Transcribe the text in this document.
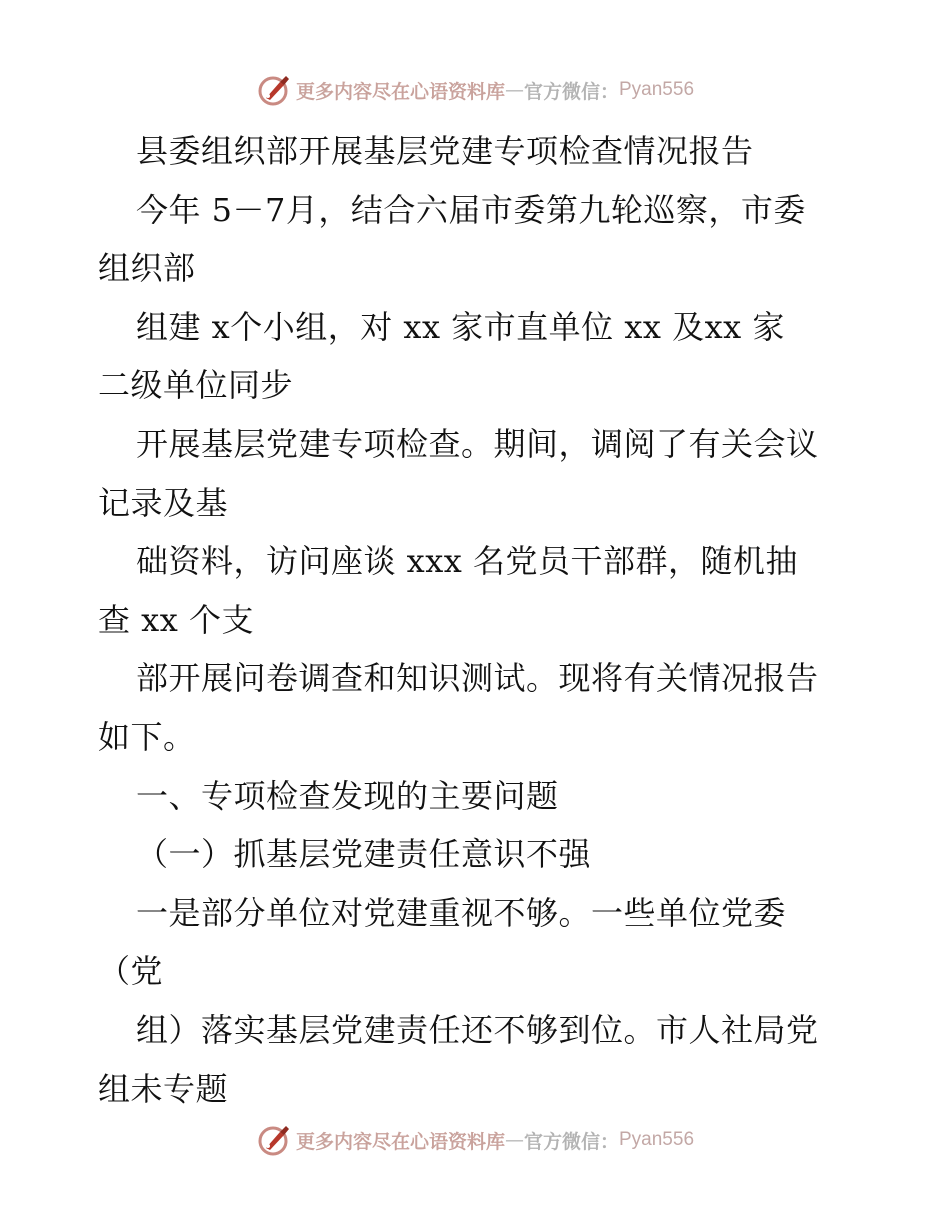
更多内容尽在心语资料库 — 官方微信： Pyan556
县委组织部开展基层党建专项检查情况报告
今年 5－7月，结合六届市委第九轮巡察，市委
组织部
组建 x个小组，对 xx 家市直单位 xx 及xx 家
二级单位同步
开展基层党建专项检查。期间，调阅了有关会议
记录及基
础资料，访问座谈 xxx 名党员干部群，随机抽
查 xx 个支
部开展问卷调查和知识测试。现将有关情况报告
如下。
一、专项检查发现的主要问题
（一）抓基层党建责任意识不强
一是部分单位对党建重视不够。一些单位党委
（党
组）落实基层党建责任还不够到位。市人社局党
组未专题
更多内容尽在心语资料库 — 官方微信： Pyan556
